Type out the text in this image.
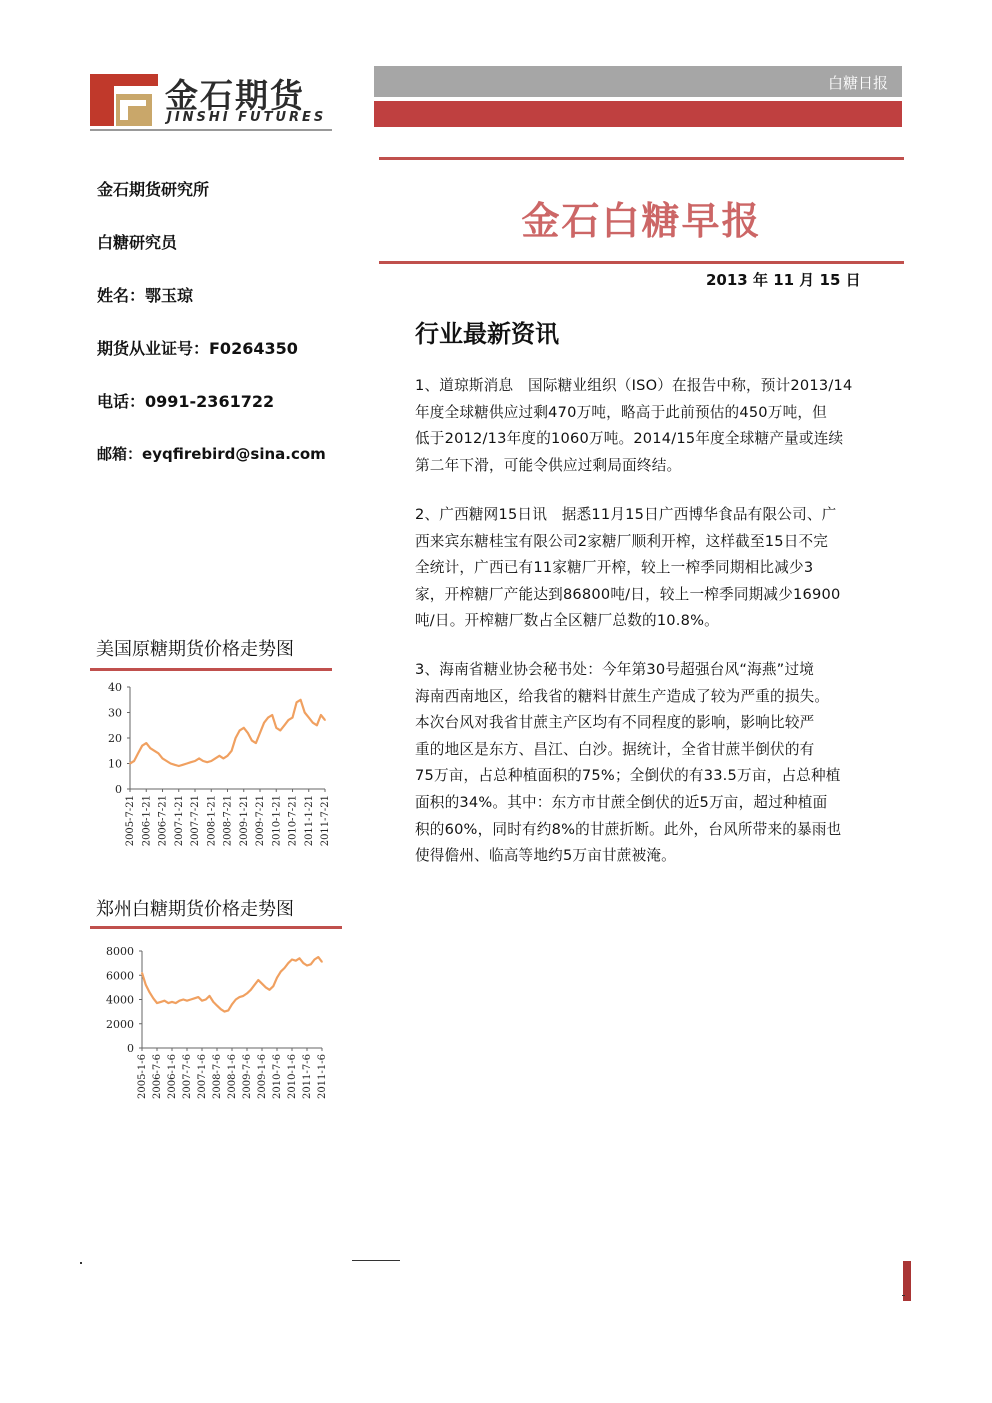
金石期货
JINSHI FUTURES
白糖日报
金石白糖早报
2013 年 11 月 15 日
金石期货研究所
白糖研究员
姓名：鄂玉琼
期货从业证号：F0264350
电话：0991-2361722
邮箱：eyqfirebird@sina.com
行业最新资讯
1、道琼斯消息　国际糖业组织（ISO）在报告中称，预计2013/14
年度全球糖供应过剩470万吨，略高于此前预估的450万吨，但
低于2012/13年度的1060万吨。2014/15年度全球糖产量或连续
第二年下滑，可能令供应过剩局面终结。
2、广西糖网15日讯　据悉11月15日广西博华食品有限公司、广
西来宾东糖桂宝有限公司2家糖厂顺利开榨，这样截至15日不完
全统计，广西已有11家糖厂开榨，较上一榨季同期相比减少3
家，开榨糖厂产能达到86800吨/日，较上一榨季同期减少16900
吨/日。开榨糖厂数占全区糖厂总数的10.8%。
3、海南省糖业协会秘书处：今年第30号超强台风“海燕”过境
海南西南地区，给我省的糖料甘蔗生产造成了较为严重的损失。
本次台风对我省甘蔗主产区均有不同程度的影响，影响比较严
重的地区是东方、昌江、白沙。据统计，全省甘蔗半倒伏的有
75万亩，占总种植面积的75%；全倒伏的有33.5万亩，占总种植
面积的34%。其中：东方市甘蔗全倒伏的近5万亩，超过种植面
积的60%，同时有约8%的甘蔗折断。此外，台风所带来的暴雨也
使得儋州、临高等地约5万亩甘蔗被淹。
美国原糖期货价格走势图
40
30
20
10
0
2005-7-21 2006-1-21 2006-7-21 2007-1-21 2007-7-21 2008-1-21 2008-7-21 2009-1-21 2009-7-21 2010-1-21 2010-7-21 2011-1-21 2011-7-21
郑州白糖期货价格走势图
8000
6000
4000
2000
0
2005-1-6 2006-7-6 2006-1-6 2007-7-6 2007-1-6 2008-7-6 2008-1-6 2009-7-6 2009-1-6 2010-7-6 2010-1-6 2011-7-6 2011-1-6
